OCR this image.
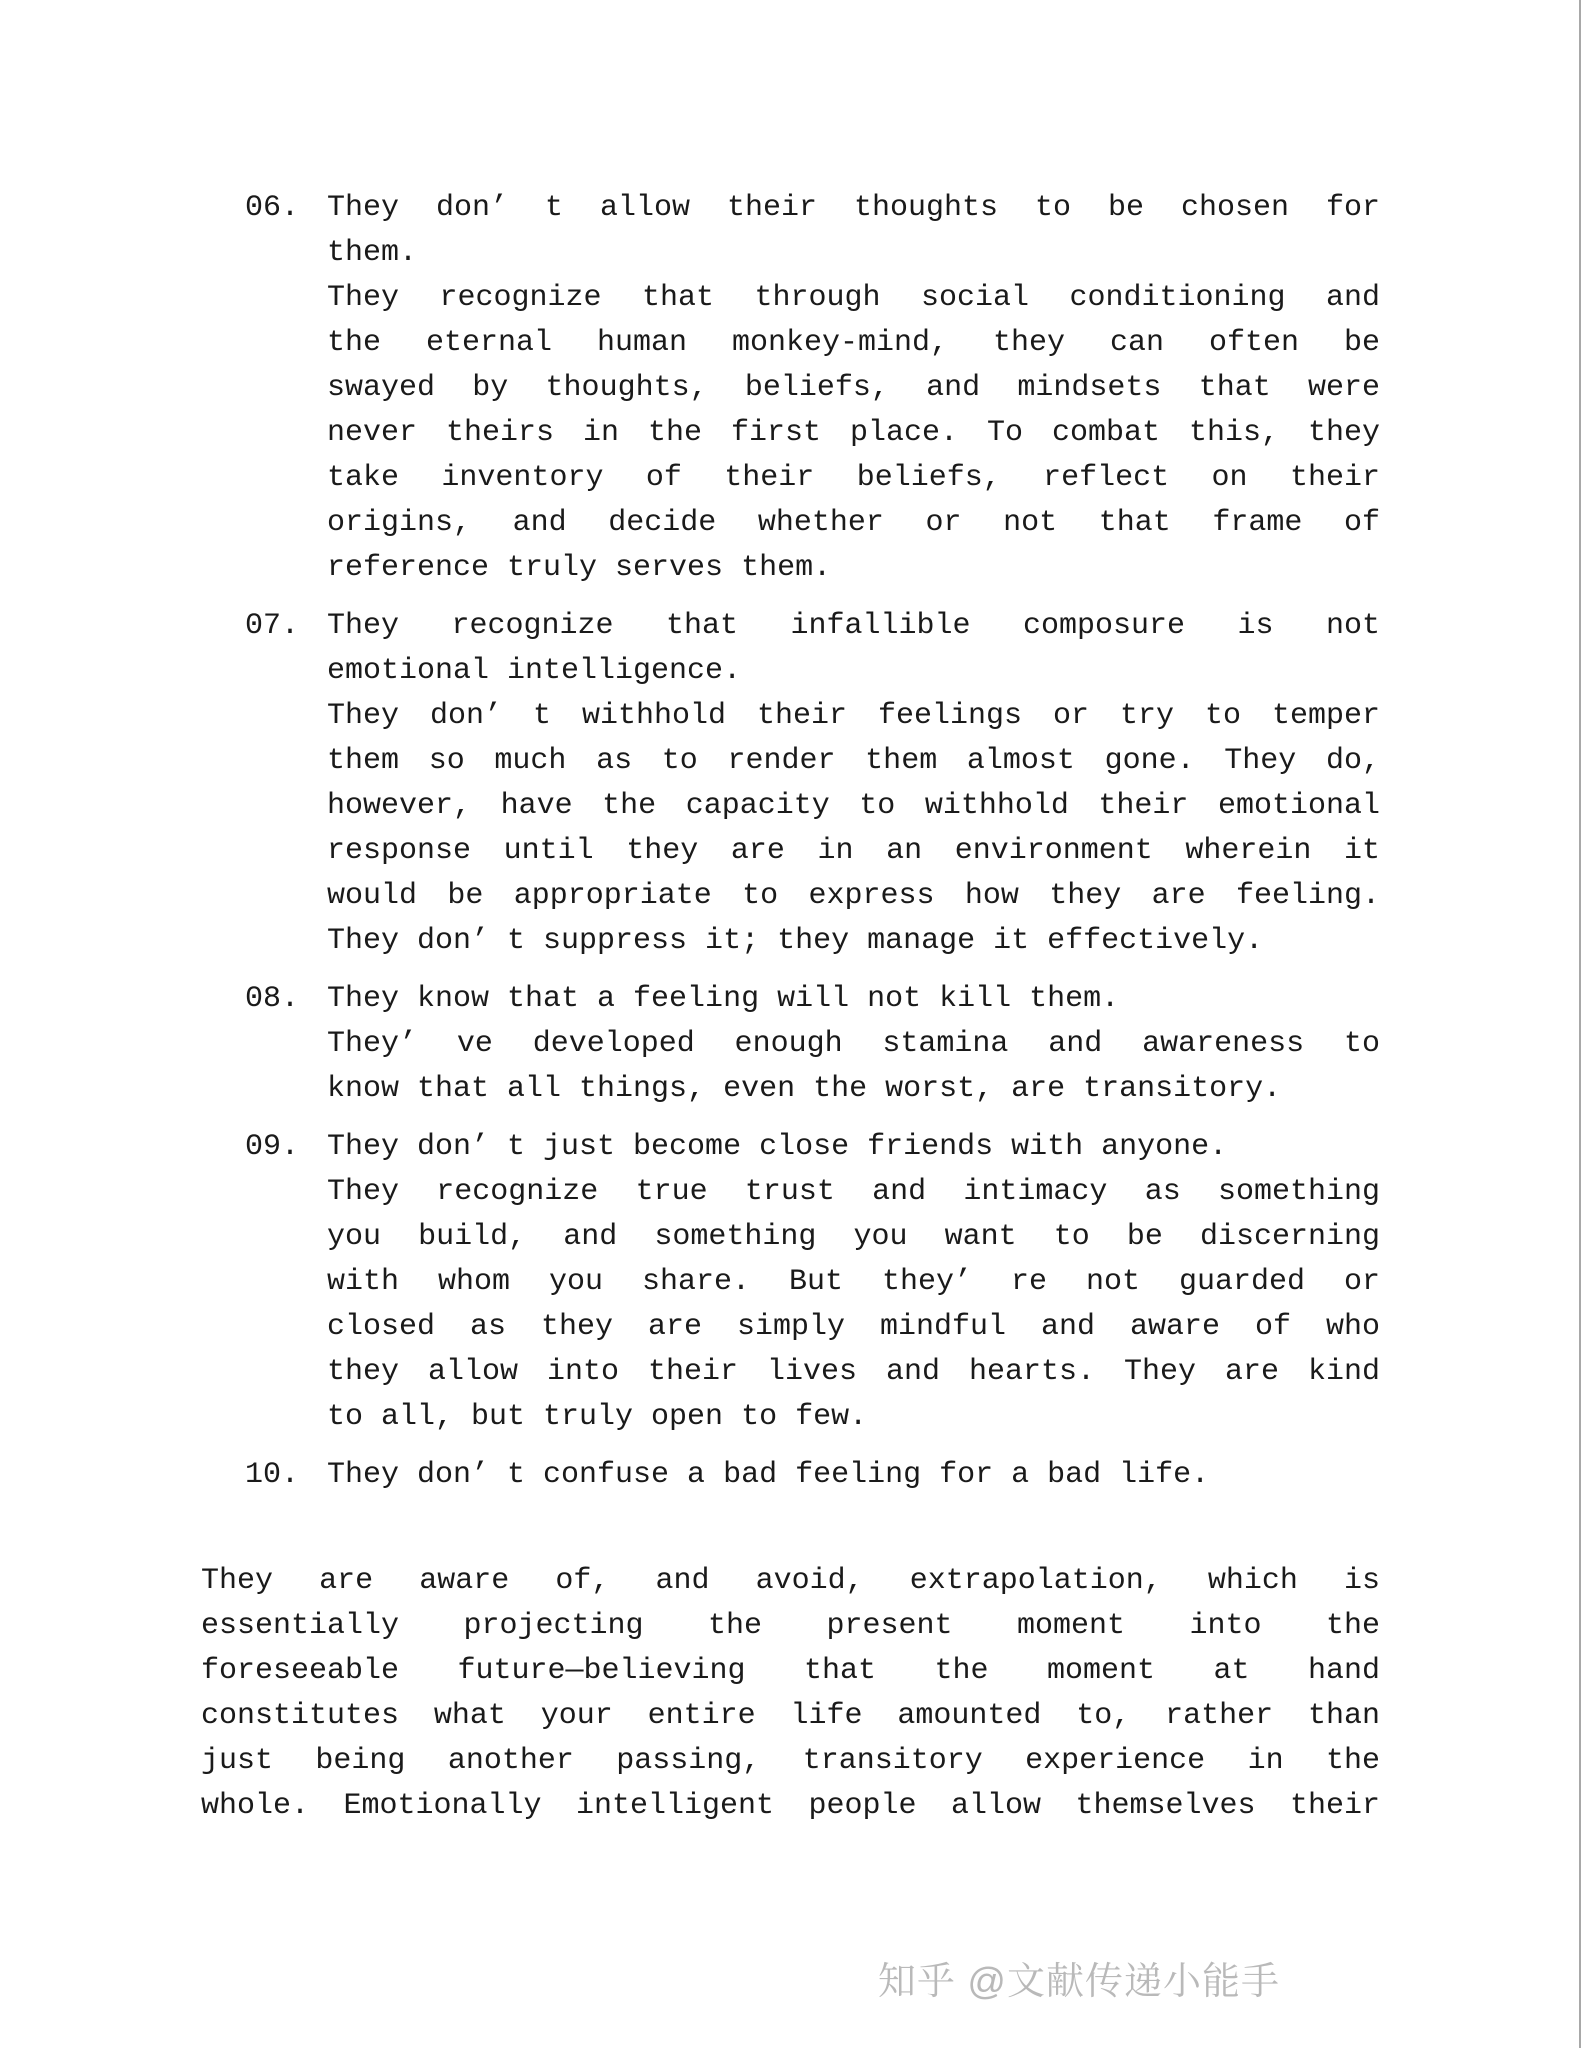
06. They don’ t allow their thoughts to be chosen for
them.
They recognize that through social conditioning and
the eternal human monkey-mind, they can often be
swayed by thoughts, beliefs, and mindsets that were
never theirs in the first place. To combat this, they
take inventory of their beliefs, reflect on their
origins, and decide whether or not that frame of
reference truly serves them.
07. They recognize that infallible composure is not
emotional intelligence.
They don’ t withhold their feelings or try to temper
them so much as to render them almost gone. They do,
however, have the capacity to withhold their emotional
response until they are in an environment wherein it
would be appropriate to express how they are feeling.
They don’ t suppress it; they manage it effectively.
08. They know that a feeling will not kill them.
They’ ve developed enough stamina and awareness to
know that all things, even the worst, are transitory.
09. They don’ t just become close friends with anyone.
They recognize true trust and intimacy as something
you build, and something you want to be discerning
with whom you share. But they’ re not guarded or
closed as they are simply mindful and aware of who
they allow into their lives and hearts. They are kind
to all, but truly open to few.
10. They don’ t confuse a bad feeling for a bad life.
They are aware of, and avoid, extrapolation, which is
essentially projecting the present moment into the
foreseeable future—believing that the moment at hand
constitutes what your entire life amounted to, rather than
just being another passing, transitory experience in the
whole. Emotionally intelligent people allow themselves their
知乎 @文献传递小能手
